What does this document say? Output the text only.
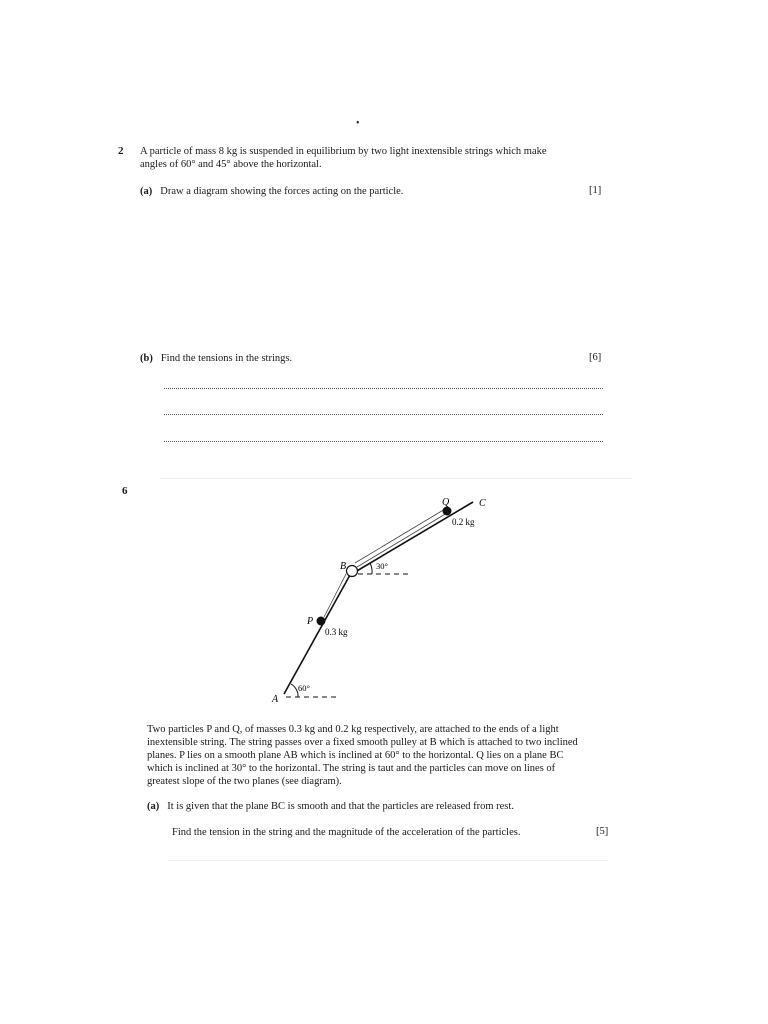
•
2 A particle of mass 8 kg is suspended in equilibrium by two light inextensible strings which make
angles of 60° and 45° above the horizontal.
(a) Draw a diagram showing the forces acting on the particle.	[1]
(b) Find the tensions in the strings.	[6]
6
A
B
C
P
Q
0.2 kg
0.3 kg
60°
30°
Two particles P and Q, of masses 0.3 kg and 0.2 kg respectively, are attached to the ends of a light
inextensible string. The string passes over a fixed smooth pulley at B which is attached to two inclined
planes. P lies on a smooth plane AB which is inclined at 60° to the horizontal. Q lies on a plane BC
which is inclined at 30° to the horizontal. The string is taut and the particles can move on lines of
greatest slope of the two planes (see diagram).
(a) It is given that the plane BC is smooth and that the particles are released from rest.
Find the tension in the string and the magnitude of the acceleration of the particles.	[5]
